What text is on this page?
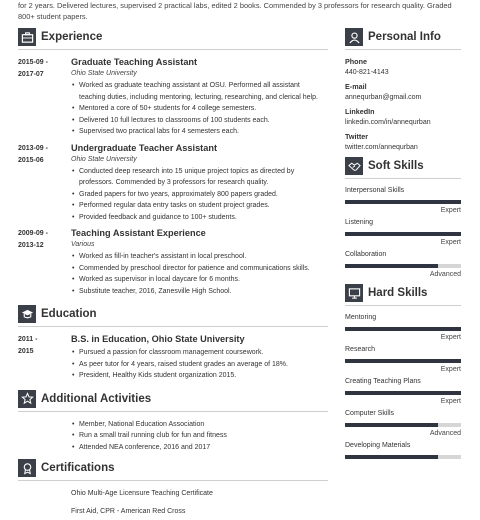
for 2 years. Delivered lectures, supervised 2 practical labs, edited 2 books. Commended by 3 professors for research quality. Graded 800+ student papers.
Experience
2015-09 -
2017-07
Graduate Teaching Assistant
Ohio State University
• Worked as graduate teaching assistant at OSU. Performed all assistant
teaching duties, including mentoring, lecturing, researching, and clerical help.
• Mentored a core of 50+ students for 4 college semesters.
• Delivered 10 full lectures to classrooms of 100 students each.
• Supervised two practical labs for 4 semesters each.
2013-09 -
2015-06
Undergraduate Teacher Assistant
Ohio State University
• Conducted deep research into 15 unique project topics as directed by
professors. Commended by 3 professors for research quality.
• Graded papers for two years, approximately 800 papers graded.
• Performed regular data entry tasks on student project grades.
• Provided feedback and guidance to 100+ students.
2009-09 -
2013-12
Teaching Assistant Experience
Various
• Worked as fill-in teacher's assistant in local preschool.
• Commended by preschool director for patience and communications skills.
• Worked as supervisor in local daycare for 6 months.
• Substitute teacher, 2016, Zanesville High School.
Education
2011 -
2015
B.S. in Education, Ohio State University
• Pursued a passion for classroom management coursework.
• As peer tutor for 4 years, raised student grades an average of 18%.
• President, Healthy Kids student organization 2015.
Additional Activities
• Member, National Education Association
• Run a small trail running club for fun and fitness
• Attended NEA conference, 2016 and 2017
Certifications
Ohio Multi-Age Licensure Teaching Certificate
First Aid, CPR - American Red Cross
Personal Info
Phone
440-821-4143
E-mail
annequrban@gmail.com
LinkedIn
linkedin.com/in/annequrban
Twitter
twitter.com/annequrban
Soft Skills
Interpersonal Skills
Expert
Listening
Expert
Collaboration
Advanced
Hard Skills
Mentoring
Expert
Research
Expert
Creating Teaching Plans
Expert
Computer Skills
Advanced
Developing Materials
